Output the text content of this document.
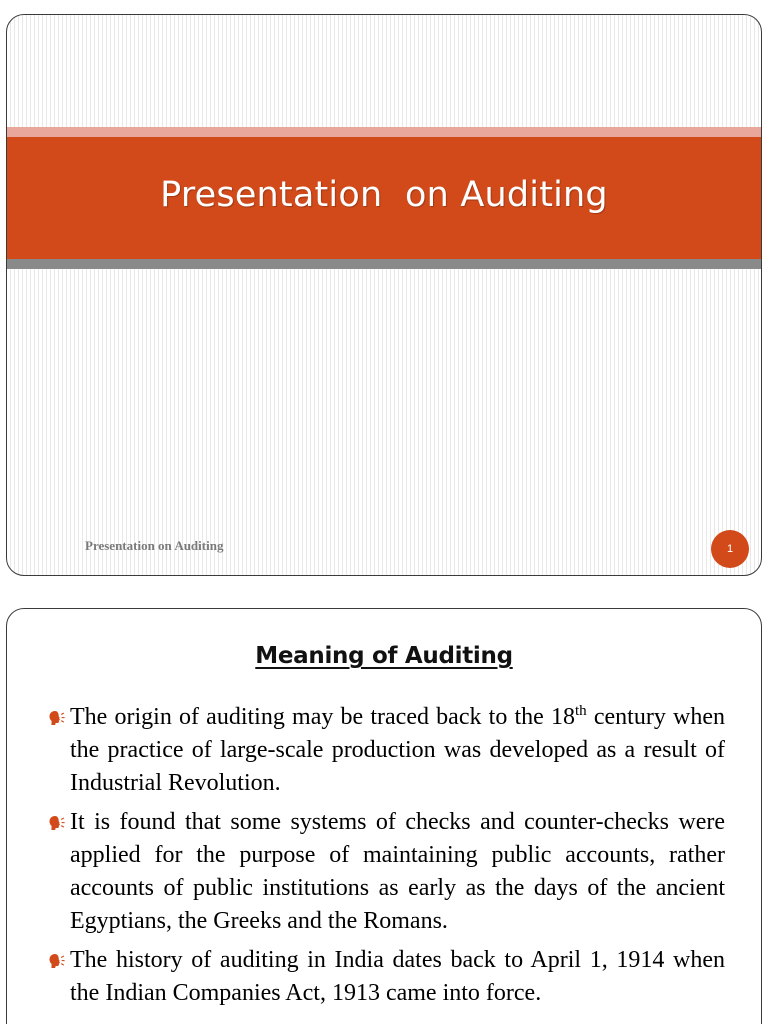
Presentation  on Auditing
Presentation on Auditing	1
Meaning of Auditing
The origin of auditing may be traced back to the 18th century when the practice of large-scale production was developed as a result of Industrial Revolution.
It is found that some systems of checks and counter-checks were applied for the purpose of maintaining public accounts, rather accounts of public institutions as early as the days of the ancient Egyptians, the Greeks and the Romans.
The history of auditing in India dates back to April 1, 1914 when the Indian Companies Act, 1913 came into force.
